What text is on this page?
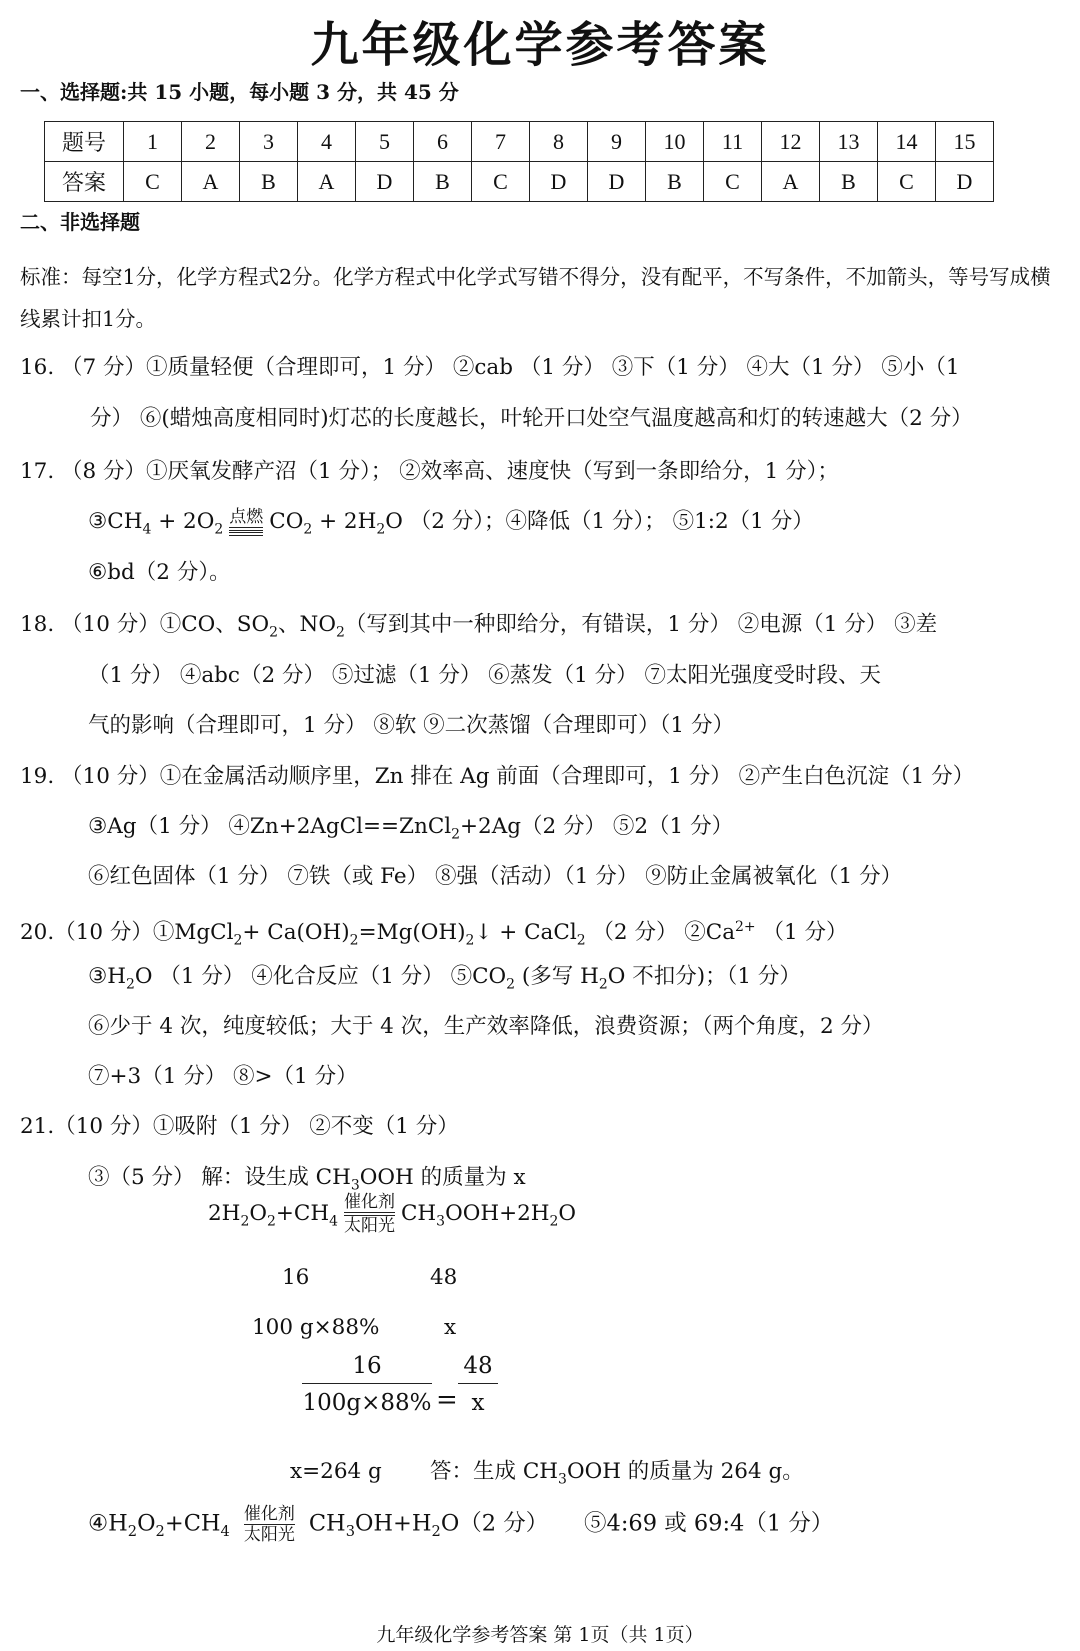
九年级化学参考答案
一、选择题:共 15 小题，每小题 3 分，共 45 分
题号	1	2	3	4	5	6	7	8	9	10	11	12	13	14	15
答案	C	A	B	A	D	B	C	D	D	B	C	A	B	C	D
二、非选择题
标准：每空1分，化学方程式2分。化学方程式中化学式写错不得分，没有配平，不写条件，不加箭头，等号写成横线累计扣1分。
16. （7 分）①质量轻便（合理即可，1 分） ②cab （1 分） ③下（1 分） ④大（1 分） ⑤小（1
分） ⑥(蜡烛高度相同时)灯芯的长度越长，叶轮开口处空气温度越高和灯的转速越大（2 分）
17. （8 分）①厌氧发酵产沼（1 分）； ②效率高、速度快（写到一条即给分，1 分）；
$③CH_4 + 2O_2$
点燃 $CO_2 + 2H_2O$ （2 分）；④降低（1 分）； ⑤1:2（1 分）
⑥bd（2 分）。
18. （10 分）①CO、$SO_2$、$NO_2$（写到其中一种即给分，有错误，1 分） ②电源（1 分） ③差
（1 分） ④abc（2 分） ⑤过滤（1 分） ⑥蒸发（1 分） ⑦太阳光强度受时段、天
气的影响（合理即可，1 分） ⑧软 ⑨二次蒸馏（合理即可）（1 分）
19. （10 分）①在金属活动顺序里，Zn 排在 Ag 前面（合理即可，1 分） ②产生白色沉淀（1 分）
③Ag（1 分） ④Zn+2AgCl==ZnCl$_2$+2Ag（2 分） ⑤2（1 分）
⑥红色固体（1 分） ⑦铁（或 Fe） ⑧强（活动）（1 分） ⑨防止金属被氧化（1 分）
20.（10 分）①MgCl$_2$+ $Ca(OH)_2=Mg(OH)_2↓$ + CaCl$_2$ （2 分） $②Ca^{2+}$ （1 分）
$③H_2O$ （1 分） ④化合反应（1 分） $⑤CO_2$ (多写 $H_2O$ 不扣分)；（1 分）
⑥少于 4 次，纯度较低；大于 4 次，生产效率降低，浪费资源；（两个角度，2 分）
⑦+3（1 分） ⑧>（1 分）
21.（10 分）①吸附（1 分） ②不变（1 分）
③（5 分） 解：设生成 $CH_3OOH$ 的质量为 x
$2H_2O_2+CH_4$
催化剂
太阳光 $CH_3OOH+2H_2O$
16	48
100 g×88%	x
$\frac{16}{100g\times 88\%} = \frac{48}{x}$
x=264 g 答：生成 $CH_3OOH$ 的质量为 264 g。
$④H_2O_2+CH_4$
催化剂
太阳光 $CH_3OH+H_2O(2$ 分） ⑤4:69 或 69:4（1 分）
九年级化学参考答案 第 1页（共 1页）
